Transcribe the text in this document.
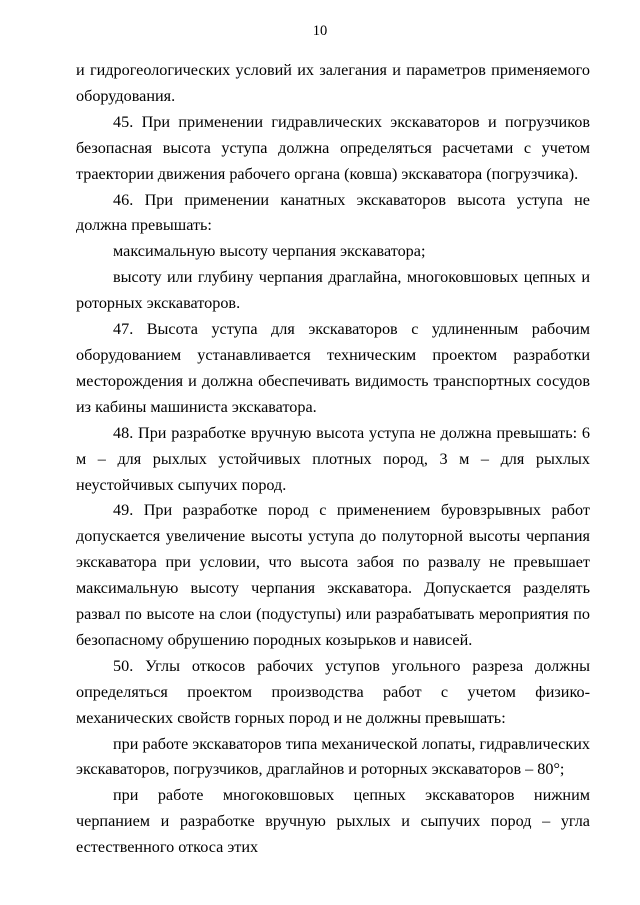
10

и гидрогеологических условий их залегания и параметров применяемого оборудования.

45. При применении гидравлических экскаваторов и погрузчиков безопасная высота уступа должна определяться расчетами с учетом траектории движения рабочего органа (ковша) экскаватора (погрузчика).

46. При применении канатных экскаваторов высота уступа не должна превышать:

максимальную высоту черпания экскаватора;

высоту или глубину черпания драглайна, многоковшовых цепных и роторных экскаваторов.

47. Высота уступа для экскаваторов с удлиненным рабочим оборудованием устанавливается техническим проектом разработки месторождения и должна обеспечивать видимость транспортных сосудов из кабины машиниста экскаватора.

48. При разработке вручную высота уступа не должна превышать: 6 м – для рыхлых устойчивых плотных пород, 3 м – для рыхлых неустойчивых сыпучих пород.

49. При разработке пород с применением буровзрывных работ допускается увеличение высоты уступа до полуторной высоты черпания экскаватора при условии, что высота забоя по развалу не превышает максимальную высоту черпания экскаватора. Допускается разделять развал по высоте на слои (подуступы) или разрабатывать мероприятия по безопасному обрушению породных козырьков и нависей.

50. Углы откосов рабочих уступов угольного разреза должны определяться проектом производства работ с учетом физико-механических свойств горных пород и не должны превышать:

при работе экскаваторов типа механической лопаты, гидравлических экскаваторов, погрузчиков, драглайнов и роторных экскаваторов – 80°;

при работе многоковшовых цепных экскаваторов нижним черпанием и разработке вручную рыхлых и сыпучих пород – угла естественного откоса этих
